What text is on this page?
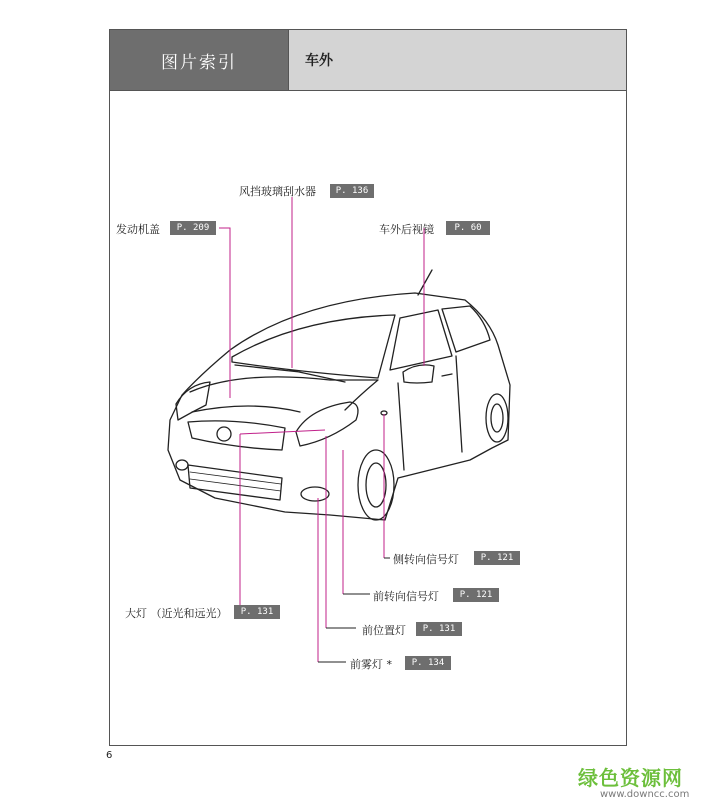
图片索引	车外
风挡玻璃刮水器	P. 136
发动机盖	P. 209	车外后视镜	P. 60
侧转向信号灯	P. 121
前转向信号灯	P. 121
大灯 （近光和远光）	P. 131
前位置灯	P. 131
前雾灯 *	P. 134
6
绿色资源网
www.downcc.com
